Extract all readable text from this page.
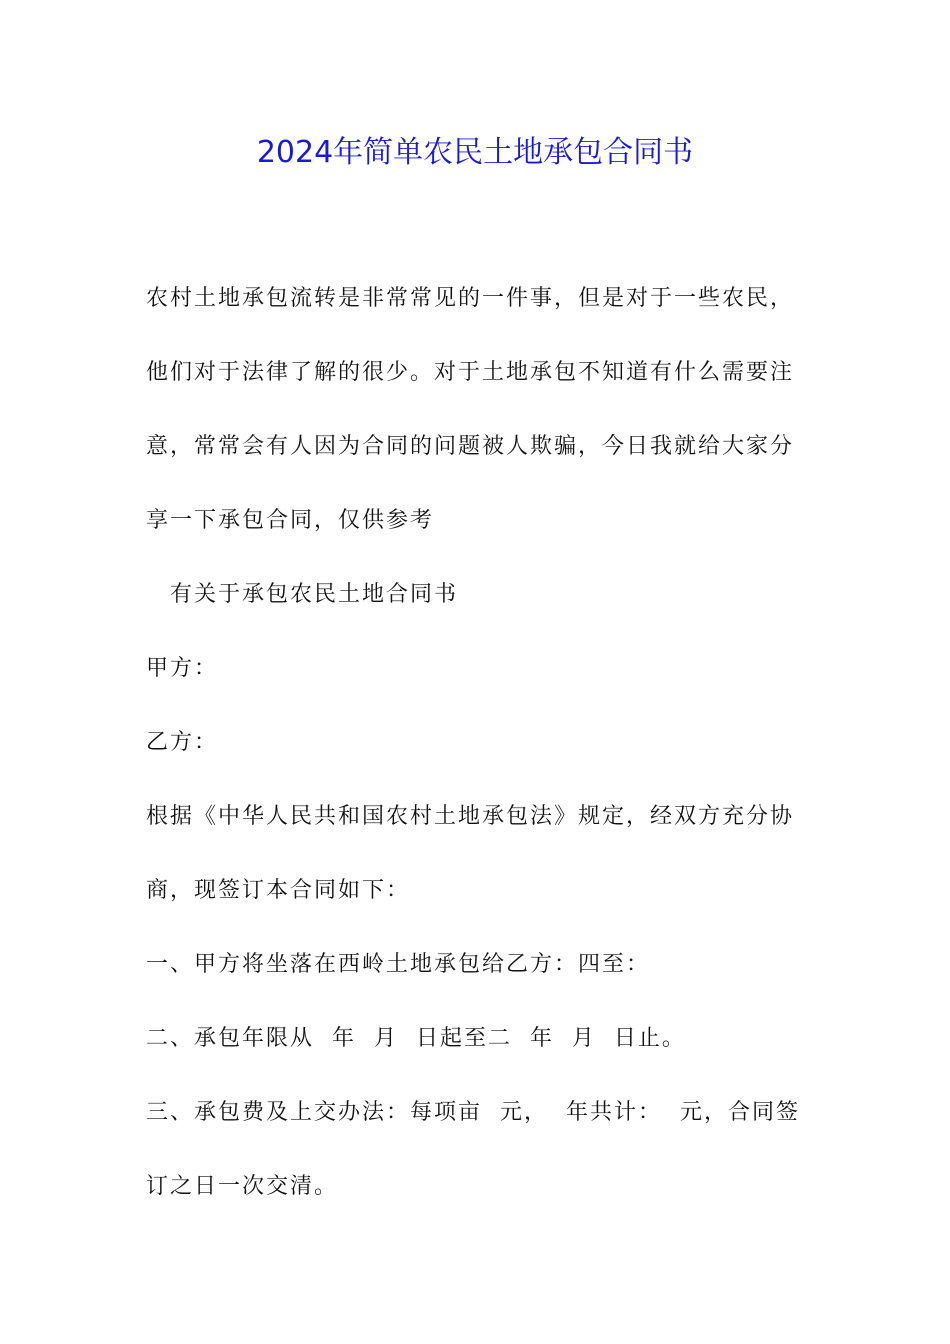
2024年简单农民土地承包合同书

农村土地承包流转是非常常见的一件事，但是对于一些农民，他们对于法律了解的很少。对于土地承包不知道有什么需要注意，常常会有人因为合同的问题被人欺骗，今日我就给大家分享一下承包合同，仅供参考

有关于承包农民土地合同书

甲方：

乙方：

根据《中华人民共和国农村土地承包法》规定，经双方充分协商，现签订本合同如下：

一、甲方将坐落在西岭土地承包给乙方：四至：

二、承包年限从  年  月  日起至二  年  月  日止。

三、承包费及上交办法：每项亩  元，  年共计：  元，合同签订之日一次交清。
